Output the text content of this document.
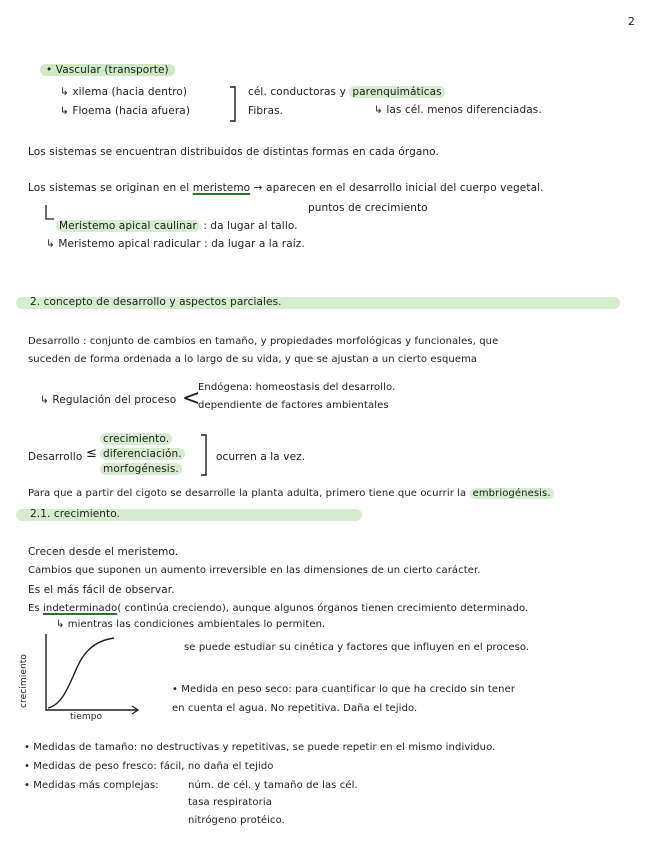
2
• Vascular (transporte)
↳ xilema (hacia dentro)
↳ Floema (hacia afuera)
cél. conductoras y parenquimáticas
Fibras.	↳ las cél. menos diferenciadas.
Los sistemas se encuentran distribuidos de distintas formas en cada órgano.
Los sistemas se originan en el meristemo → aparecen en el desarrollo inicial del cuerpo vegetal.
puntos de crecimiento
Meristemo apical caulinar : da lugar al tallo.
↳ Meristemo apical radicular : da lugar a la raíz.
2. concepto de desarrollo y aspectos parciales.
Desarrollo : conjunto de cambios en tamaño, y propiedades morfológicas y funcionales, que
suceden de forma ordenada a lo largo de su vida, y que se ajustan a un cierto esquema
↳ Regulación del proceso <
Endógena: homeostasis del desarrollo.
dependiente de factores ambientales
Desarrollo ≤
crecimiento.
diferenciación.
morfogénesis.
ocurren a la vez.
Para que a partir del cigoto se desarrolle la planta adulta, primero tiene que ocurrir la embriogénesis.
2.1. crecimiento.
Crecen desde el meristemo.
Cambios que suponen un aumento irreversible en las dimensiones de un cierto carácter.
Es el más fácil de observar.
Es indeterminado( continúa creciendo), aunque algunos órganos tienen crecimiento determinado.
↳ mientras las condiciones ambientales lo permiten.
crecimiento
tiempo
se puede estudiar su cinética y factores que influyen en el proceso.
• Medida en peso seco: para cuantificar lo que ha crecido sin tener
en cuenta el agua. No repetitiva. Daña el tejido.
• Medidas de tamaño: no destructivas y repetitivas, se puede repetir en el mismo individuo.
• Medidas de peso fresco: fácil, no daña el tejido
• Medidas más complejas:	núm. de cél. y tamaño de las cél.
tasa respiratoria
nitrógeno protéico.
